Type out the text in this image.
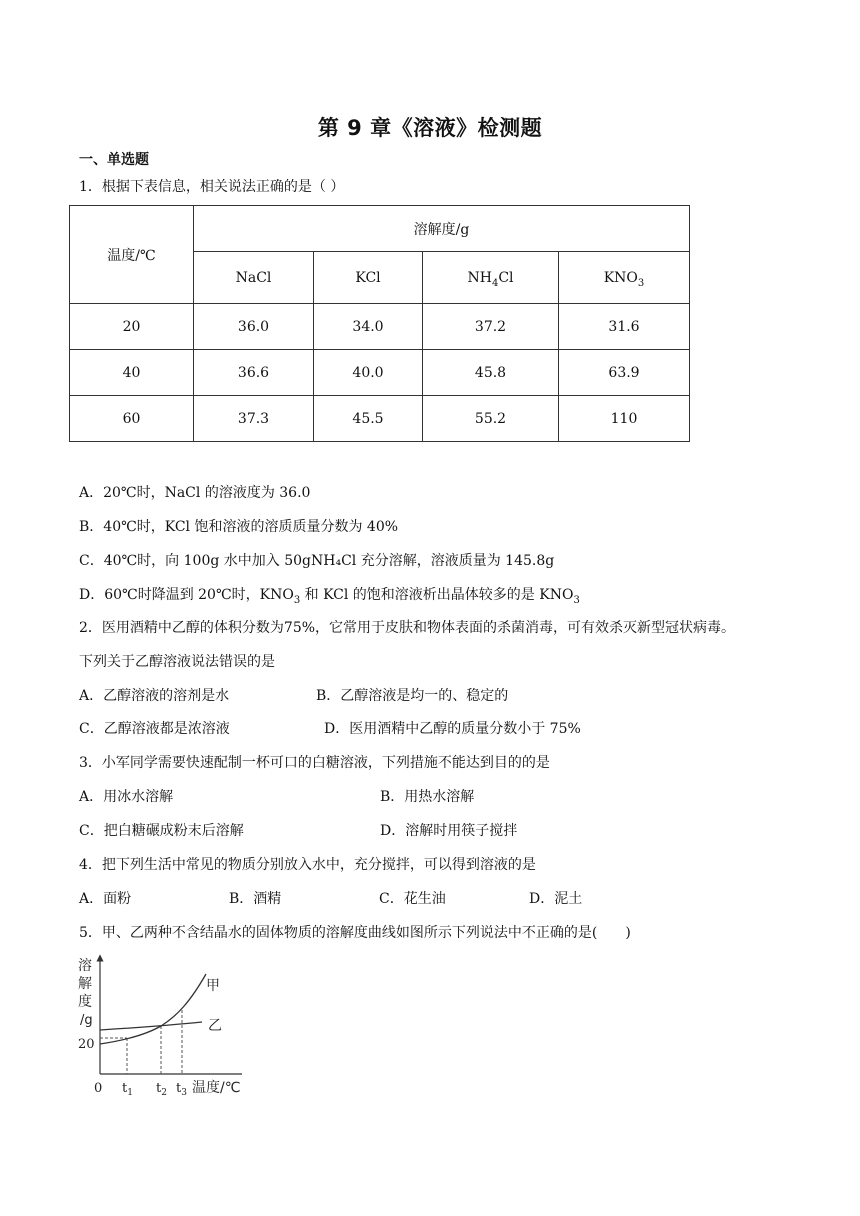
第 9 章《溶液》检测题
一、单选题
1．根据下表信息，相关说法正确的是（ ）
温度/℃	溶解度/g			
	NaCl	KCl	$NH_4Cl$	$KNO_3$
20	36.0	34.0	37.2	31.6
40	36.6	40.0	45.8	63.9
60	37.3	45.5	55.2	110
A．20℃时，NaCl 的溶液度为 36.0
B．40℃时，KCl 饱和溶液的溶质质量分数为 40%
C．40℃时，向 100g 水中加入 50gNH₄Cl 充分溶解，溶液质量为 145.8g
D．60℃时降温到 20℃时，$KNO_3$ 和 KCl 的饱和溶液析出晶体较多的是 $KNO_3$
2．医用酒精中乙醇的体积分数为75%，它常用于皮肤和物体表面的杀菌消毒，可有效杀灭新型冠状病毒。
下列关于乙醇溶液说法错误的是
A．乙醇溶液的溶剂是水	B．乙醇溶液是均一的、稳定的
C．乙醇溶液都是浓溶液	D．医用酒精中乙醇的质量分数小于 75%
3．小军同学需要快速配制一杯可口的白糖溶液，下列措施不能达到目的的是
A．用冰水溶解	B．用热水溶解
C．把白糖碾成粉末后溶解	D．溶解时用筷子搅拌
4．把下列生活中常见的物质分别放入水中，充分搅拌，可以得到溶液的是
A．面粉	B．酒精	C．花生油	D．泥土
5．甲、乙两种不含结晶水的固体物质的溶解度曲线如图所示下列说法中不正确的是(　　)
溶
解
度
/g
20
0 $t_1$ $t_2$ $t_3$ 温度/℃
甲
乙
